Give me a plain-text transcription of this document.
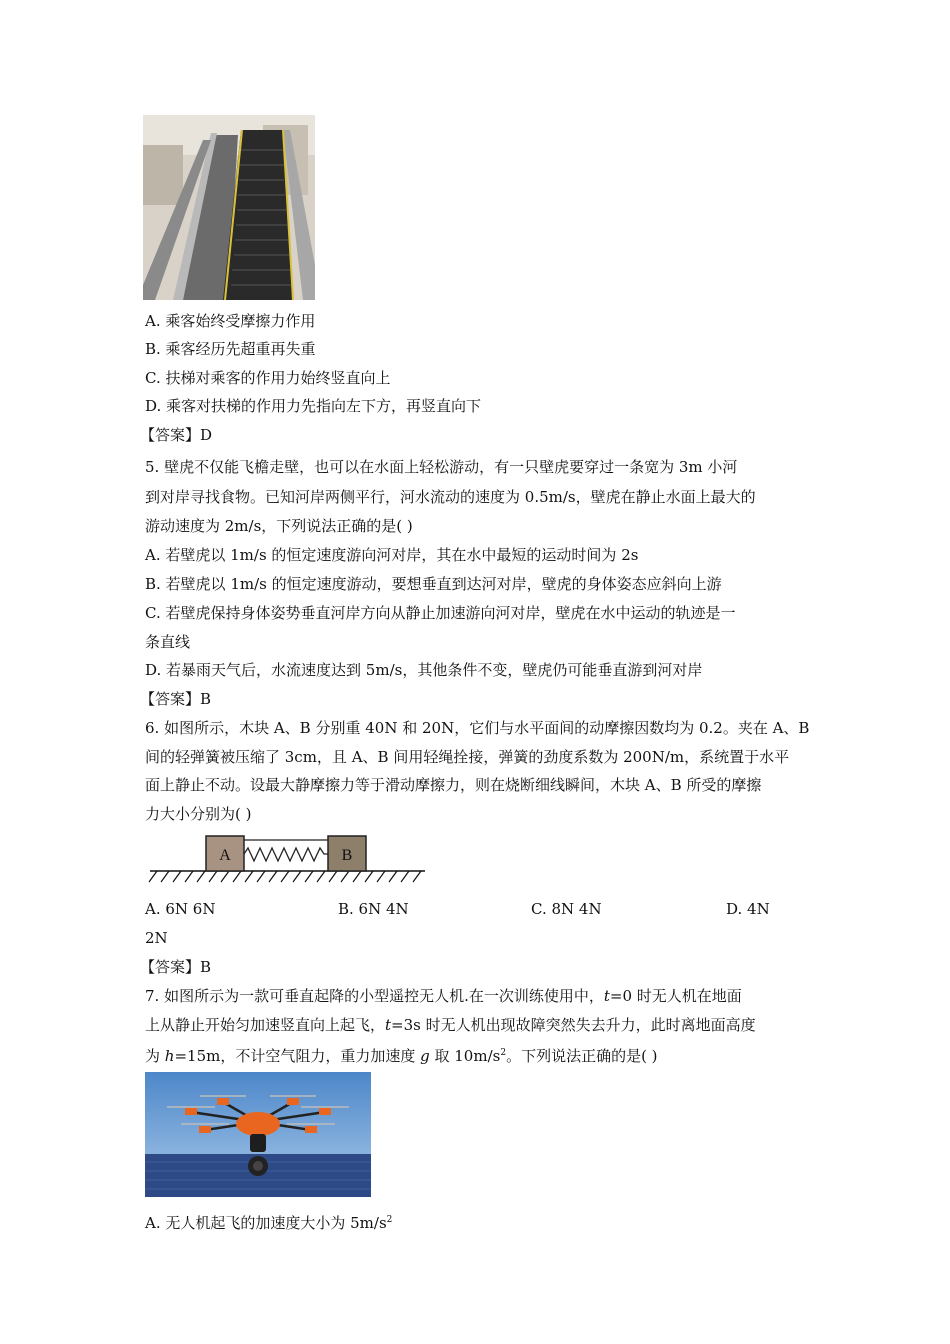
A. 乘客始终受摩擦力作用
B. 乘客经历先超重再失重
C. 扶梯对乘客的作用力始终竖直向上
D. 乘客对扶梯的作用力先指向左下方，再竖直向下
【答案】D
5. 壁虎不仅能飞檐走壁，也可以在水面上轻松游动，有一只壁虎要穿过一条宽为 3m 小河
到对岸寻找食物。已知河岸两侧平行，河水流动的速度为 0.5m/s，壁虎在静止水面上最大的
游动速度为 2m/s，下列说法正确的是( )
A. 若壁虎以 1m/s 的恒定速度游向河对岸，其在水中最短的运动时间为 2s
B. 若壁虎以 1m/s 的恒定速度游动，要想垂直到达河对岸，壁虎的身体姿态应斜向上游
C. 若壁虎保持身体姿势垂直河岸方向从静止加速游向河对岸，壁虎在水中运动的轨迹是一
条直线
D. 若暴雨天气后，水流速度达到 5m/s，其他条件不变，壁虎仍可能垂直游到河对岸
【答案】B
6. 如图所示，木块 A、B 分别重 40N 和 20N，它们与水平面间的动摩擦因数均为 0.2。夹在 A、B
间的轻弹簧被压缩了 3cm，且 A、B 间用轻绳拴接，弹簧的劲度系数为 200N/m，系统置于水平
面上静止不动。设最大静摩擦力等于滑动摩擦力，则在烧断细线瞬间，木块 A、B 所受的摩擦
力大小分别为( )
A	B
A. 6N 6N	B. 6N 4N	C. 8N 4N	D. 4N
2N
【答案】B
7. 如图所示为一款可垂直起降的小型遥控无人机.在一次训练使用中，t=0 时无人机在地面
上从静止开始匀加速竖直向上起飞，t=3s 时无人机出现故障突然失去升力，此时离地面高度
为 h=15m，不计空气阻力，重力加速度 g 取 $10m/s^2$。下列说法正确的是( )
A. 无人机起飞的加速度大小为 $5m/s^2$
